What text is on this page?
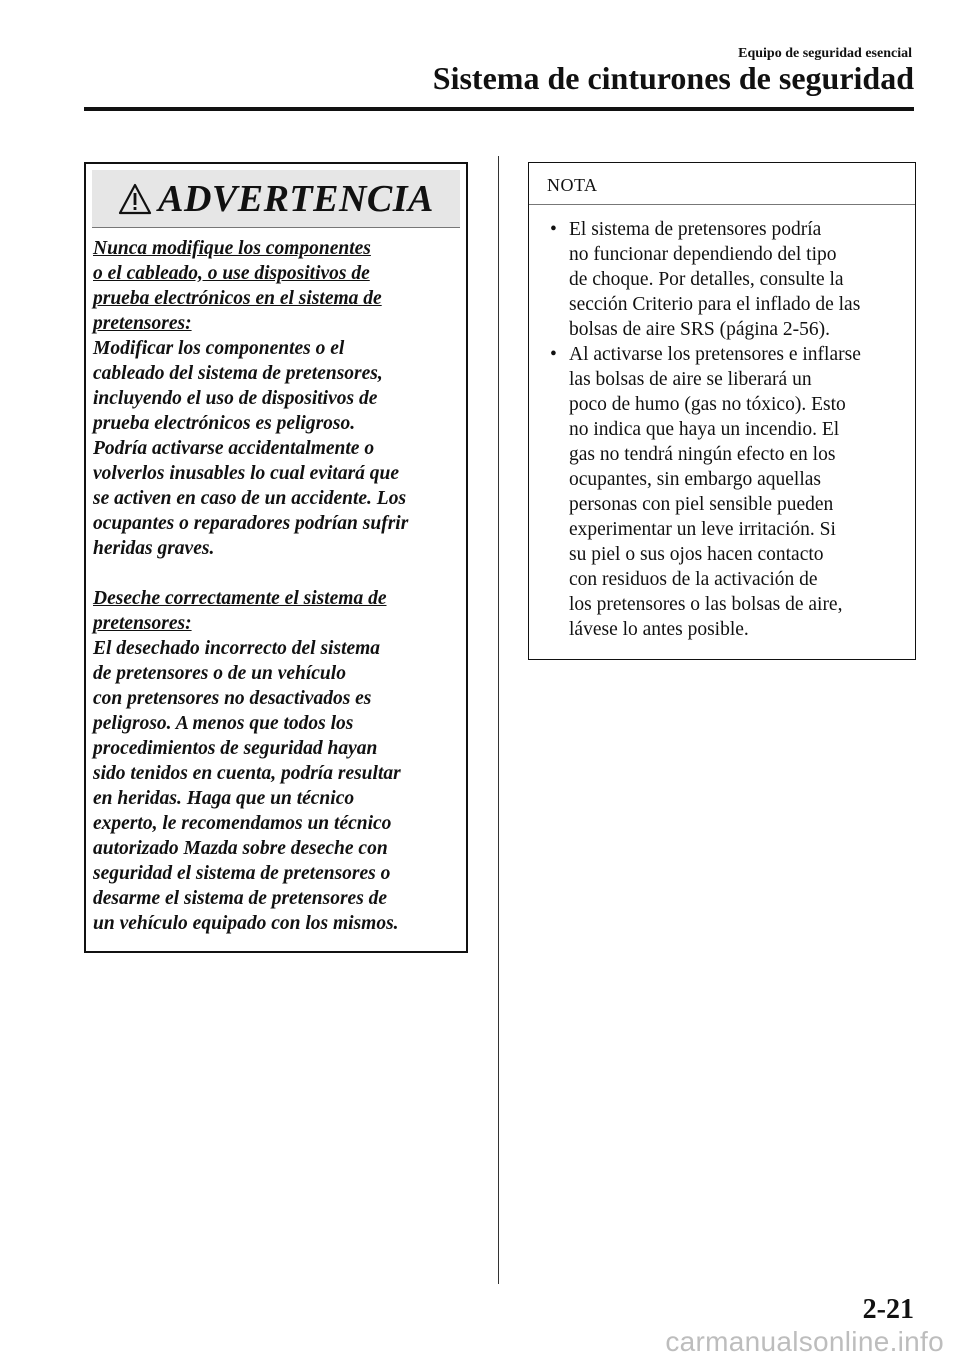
Equipo de seguridad esencial
Sistema de cinturones de seguridad
ADVERTENCIA

Nunca modifique los componentes

o el cableado, o use dispositivos de

prueba electrónicos en el sistema de

pretensores:

Modificar los componentes o el

cableado del sistema de pretensores,

incluyendo el uso de dispositivos de

prueba electrónicos es peligroso.

Podría activarse accidentalmente o

volverlos inusables lo cual evitará que

se activen en caso de un accidente. Los

ocupantes o reparadores podrían sufrir

heridas graves.

Deseche correctamente el sistema de

pretensores:

El desechado incorrecto del sistema

de pretensores o de un vehículo

con pretensores no desactivados es

peligroso. A menos que todos los

procedimientos de seguridad hayan

sido tenidos en cuenta, podría resultar

en heridas. Haga que un técnico

experto, le recomendamos un técnico

autorizado Mazda sobre deseche con

seguridad el sistema de pretensores o

desarme el sistema de pretensores de

un vehículo equipado con los mismos.

NOTA
• El sistema de pretensores podría
no funcionar dependiendo del tipo
de choque. Por detalles, consulte la
sección Criterio para el inflado de las
bolsas de aire SRS (página 2-56).
• Al activarse los pretensores e inflarse
las bolsas de aire se liberará un
poco de humo (gas no tóxico). Esto
no indica que haya un incendio. El
gas no tendrá ningún efecto en los
ocupantes, sin embargo aquellas
personas con piel sensible pueden
experimentar un leve irritación. Si
su piel o sus ojos hacen contacto
con residuos de la activación de
los pretensores o las bolsas de aire,
lávese lo antes posible.
2-21
carmanualsonline.info
